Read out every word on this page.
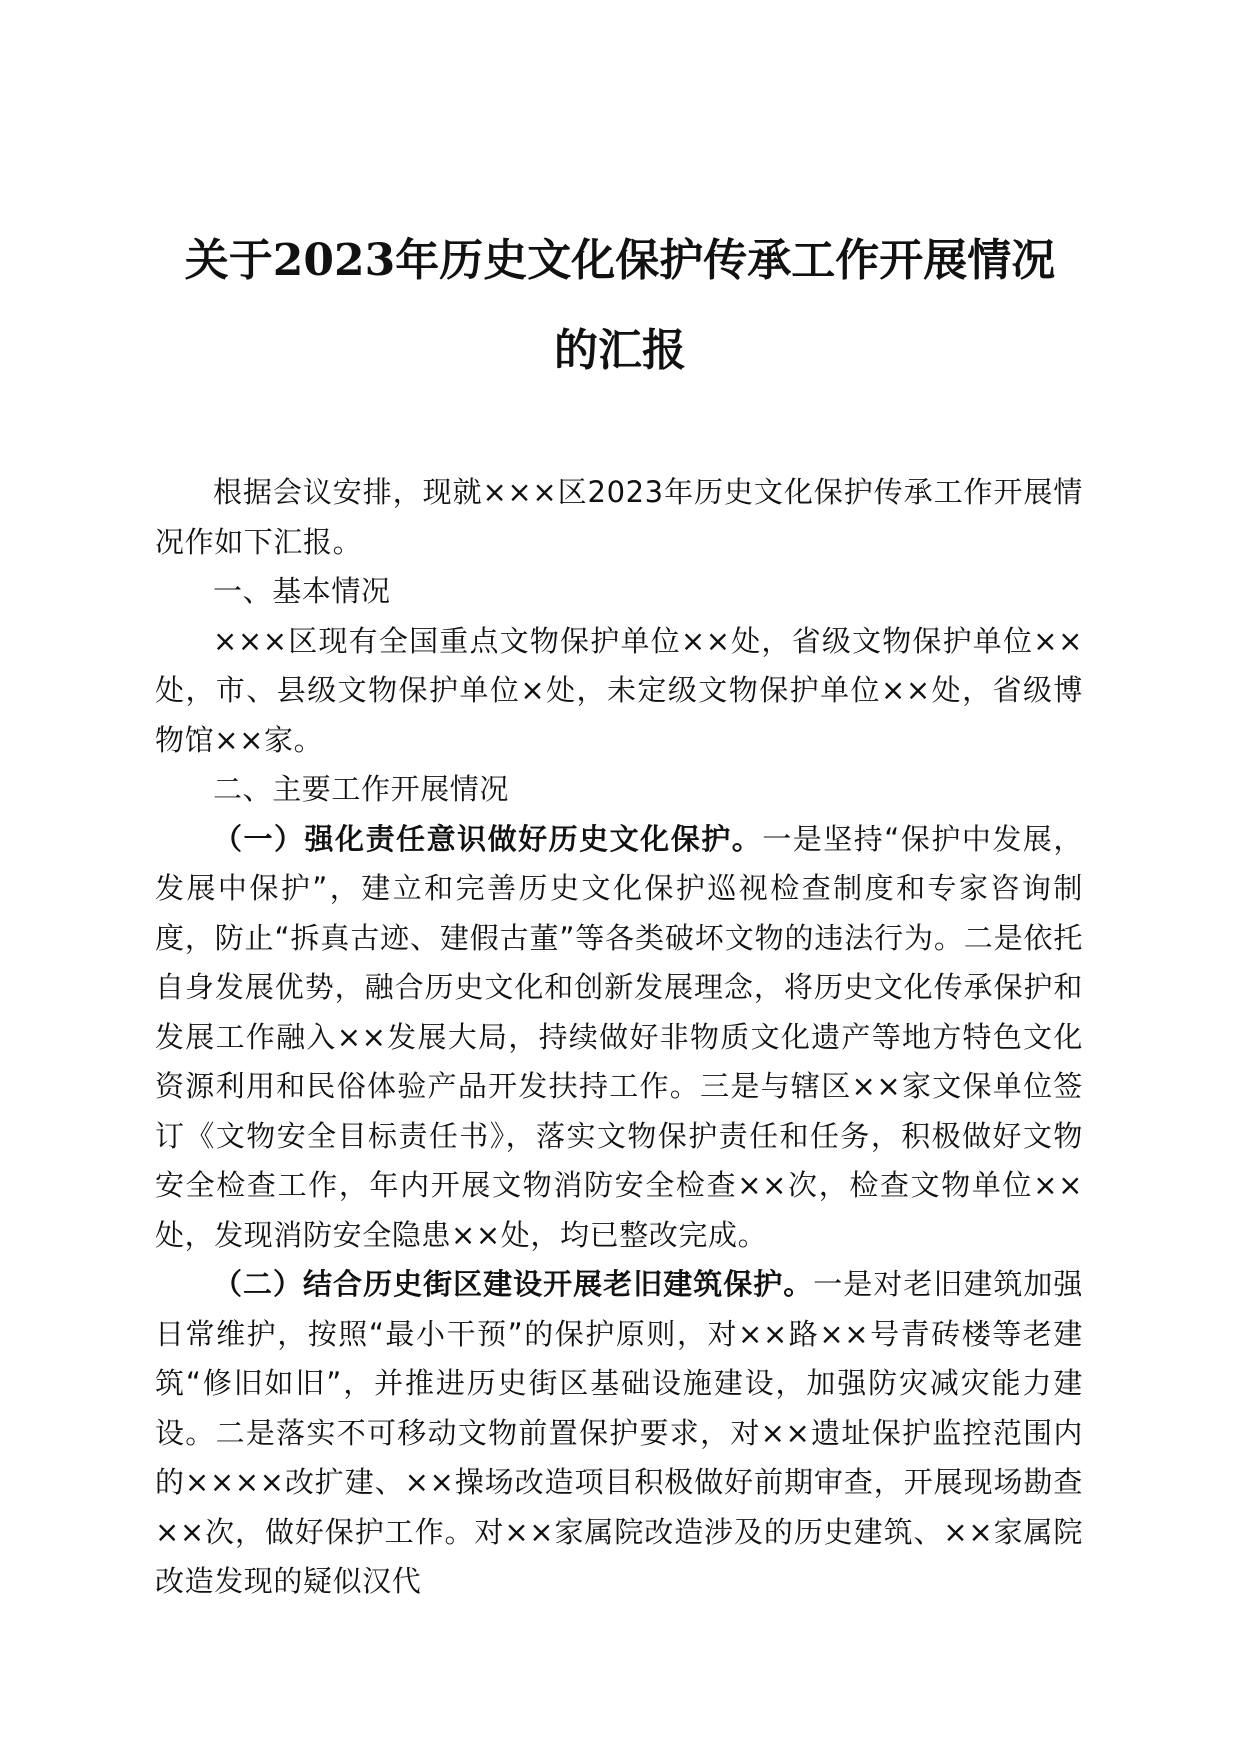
关于2023年历史文化保护传承工作开展情况
的汇报

根据会议安排，现就×××区2023年历史文化保护传承工作开展情况作如下汇报。

一、基本情况

×××区现有全国重点文物保护单位××处，省级文物保护单位××处，市、县级文物保护单位×处，未定级文物保护单位××处，省级博物馆××家。

二、主要工作开展情况

（一）强化责任意识做好历史文化保护。一是坚持“保护中发展，发展中保护”，建立和完善历史文化保护巡视检查制度和专家咨询制度，防止“拆真古迹、建假古董”等各类破坏文物的违法行为。二是依托自身发展优势，融合历史文化和创新发展理念，将历史文化传承保护和发展工作融入××发展大局，持续做好非物质文化遗产等地方特色文化资源利用和民俗体验产品开发扶持工作。三是与辖区××家文保单位签订《文物安全目标责任书》，落实文物保护责任和任务，积极做好文物安全检查工作，年内开展文物消防安全检查××次，检查文物单位××处，发现消防安全隐患××处，均已整改完成。

（二）结合历史街区建设开展老旧建筑保护。一是对老旧建筑加强日常维护，按照“最小干预”的保护原则，对××路××号青砖楼等老建筑“修旧如旧”，并推进历史街区基础设施建设，加强防灾减灾能力建设。二是落实不可移动文物前置保护要求，对××遗址保护监控范围内的××××改扩建、××操场改造项目积极做好前期审查，开展现场勘查××次，做好保护工作。对××家属院改造涉及的历史建筑、××家属院改造发现的疑似汉代
